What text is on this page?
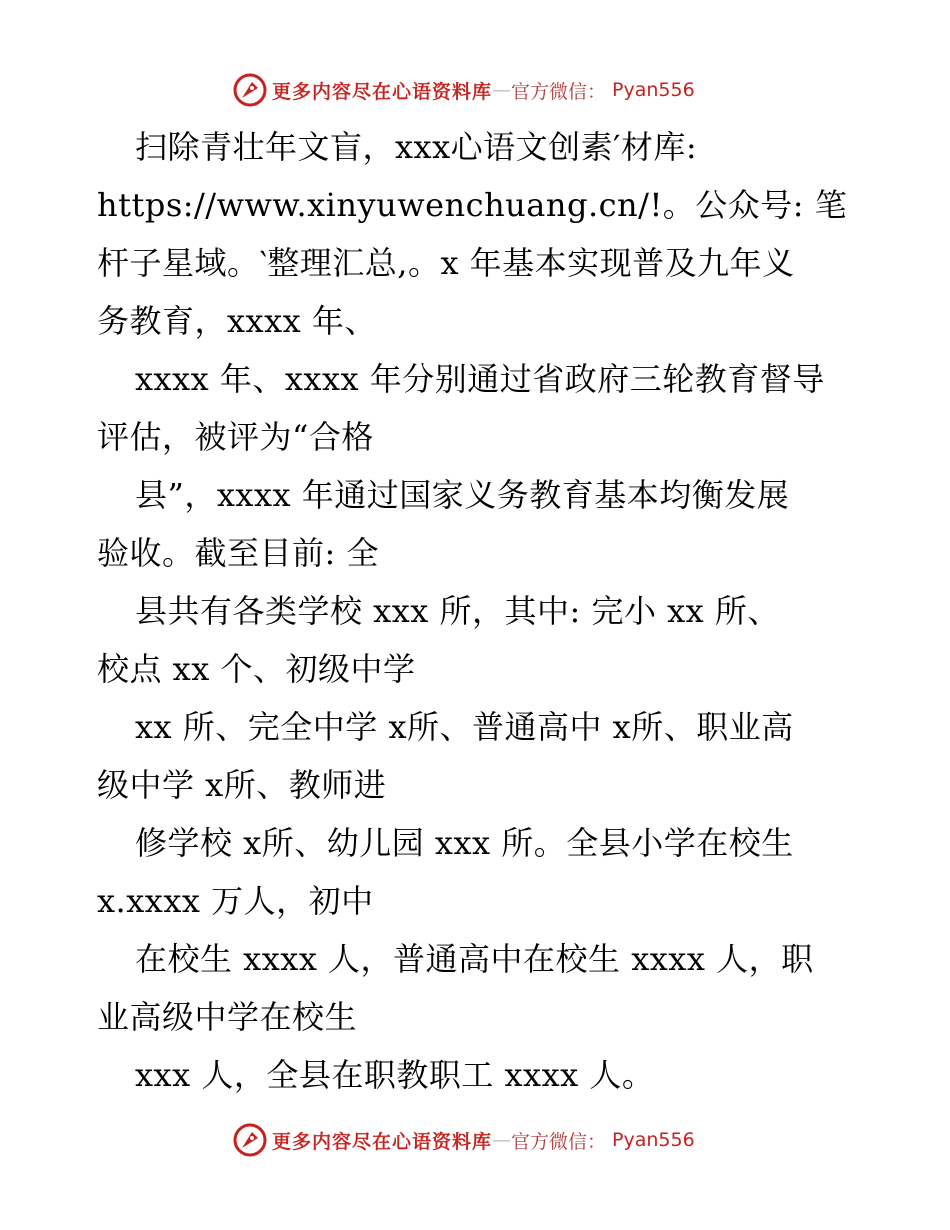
更多内容尽在心语资料库 — 官方微信： Pyan556
扫除青壮年文盲，xxx心语文创素′材库:
https://www.xinyuwenchuang.cn/!。公众号: 笔
杆子星域。‵整理汇总,。x 年基本实现普及九年义
务教育，xxxx 年、
xxxx 年、xxxx 年分别通过省政府三轮教育督导
评估，被评为“合格
县”，xxxx 年通过国家义务教育基本均衡发展
验收。截至目前: 全
县共有各类学校 xxx 所，其中: 完小 xx 所、
校点 xx 个、初级中学
xx 所、完全中学 x所、普通高中 x所、职业高
级中学 x所、教师进
修学校 x所、幼儿园 xxx 所。全县小学在校生
x.xxxx 万人，初中
在校生 xxxx 人，普通高中在校生 xxxx 人，职
业高级中学在校生
xxx 人，全县在职教职工 xxxx 人。
更多内容尽在心语资料库 — 官方微信： Pyan556
